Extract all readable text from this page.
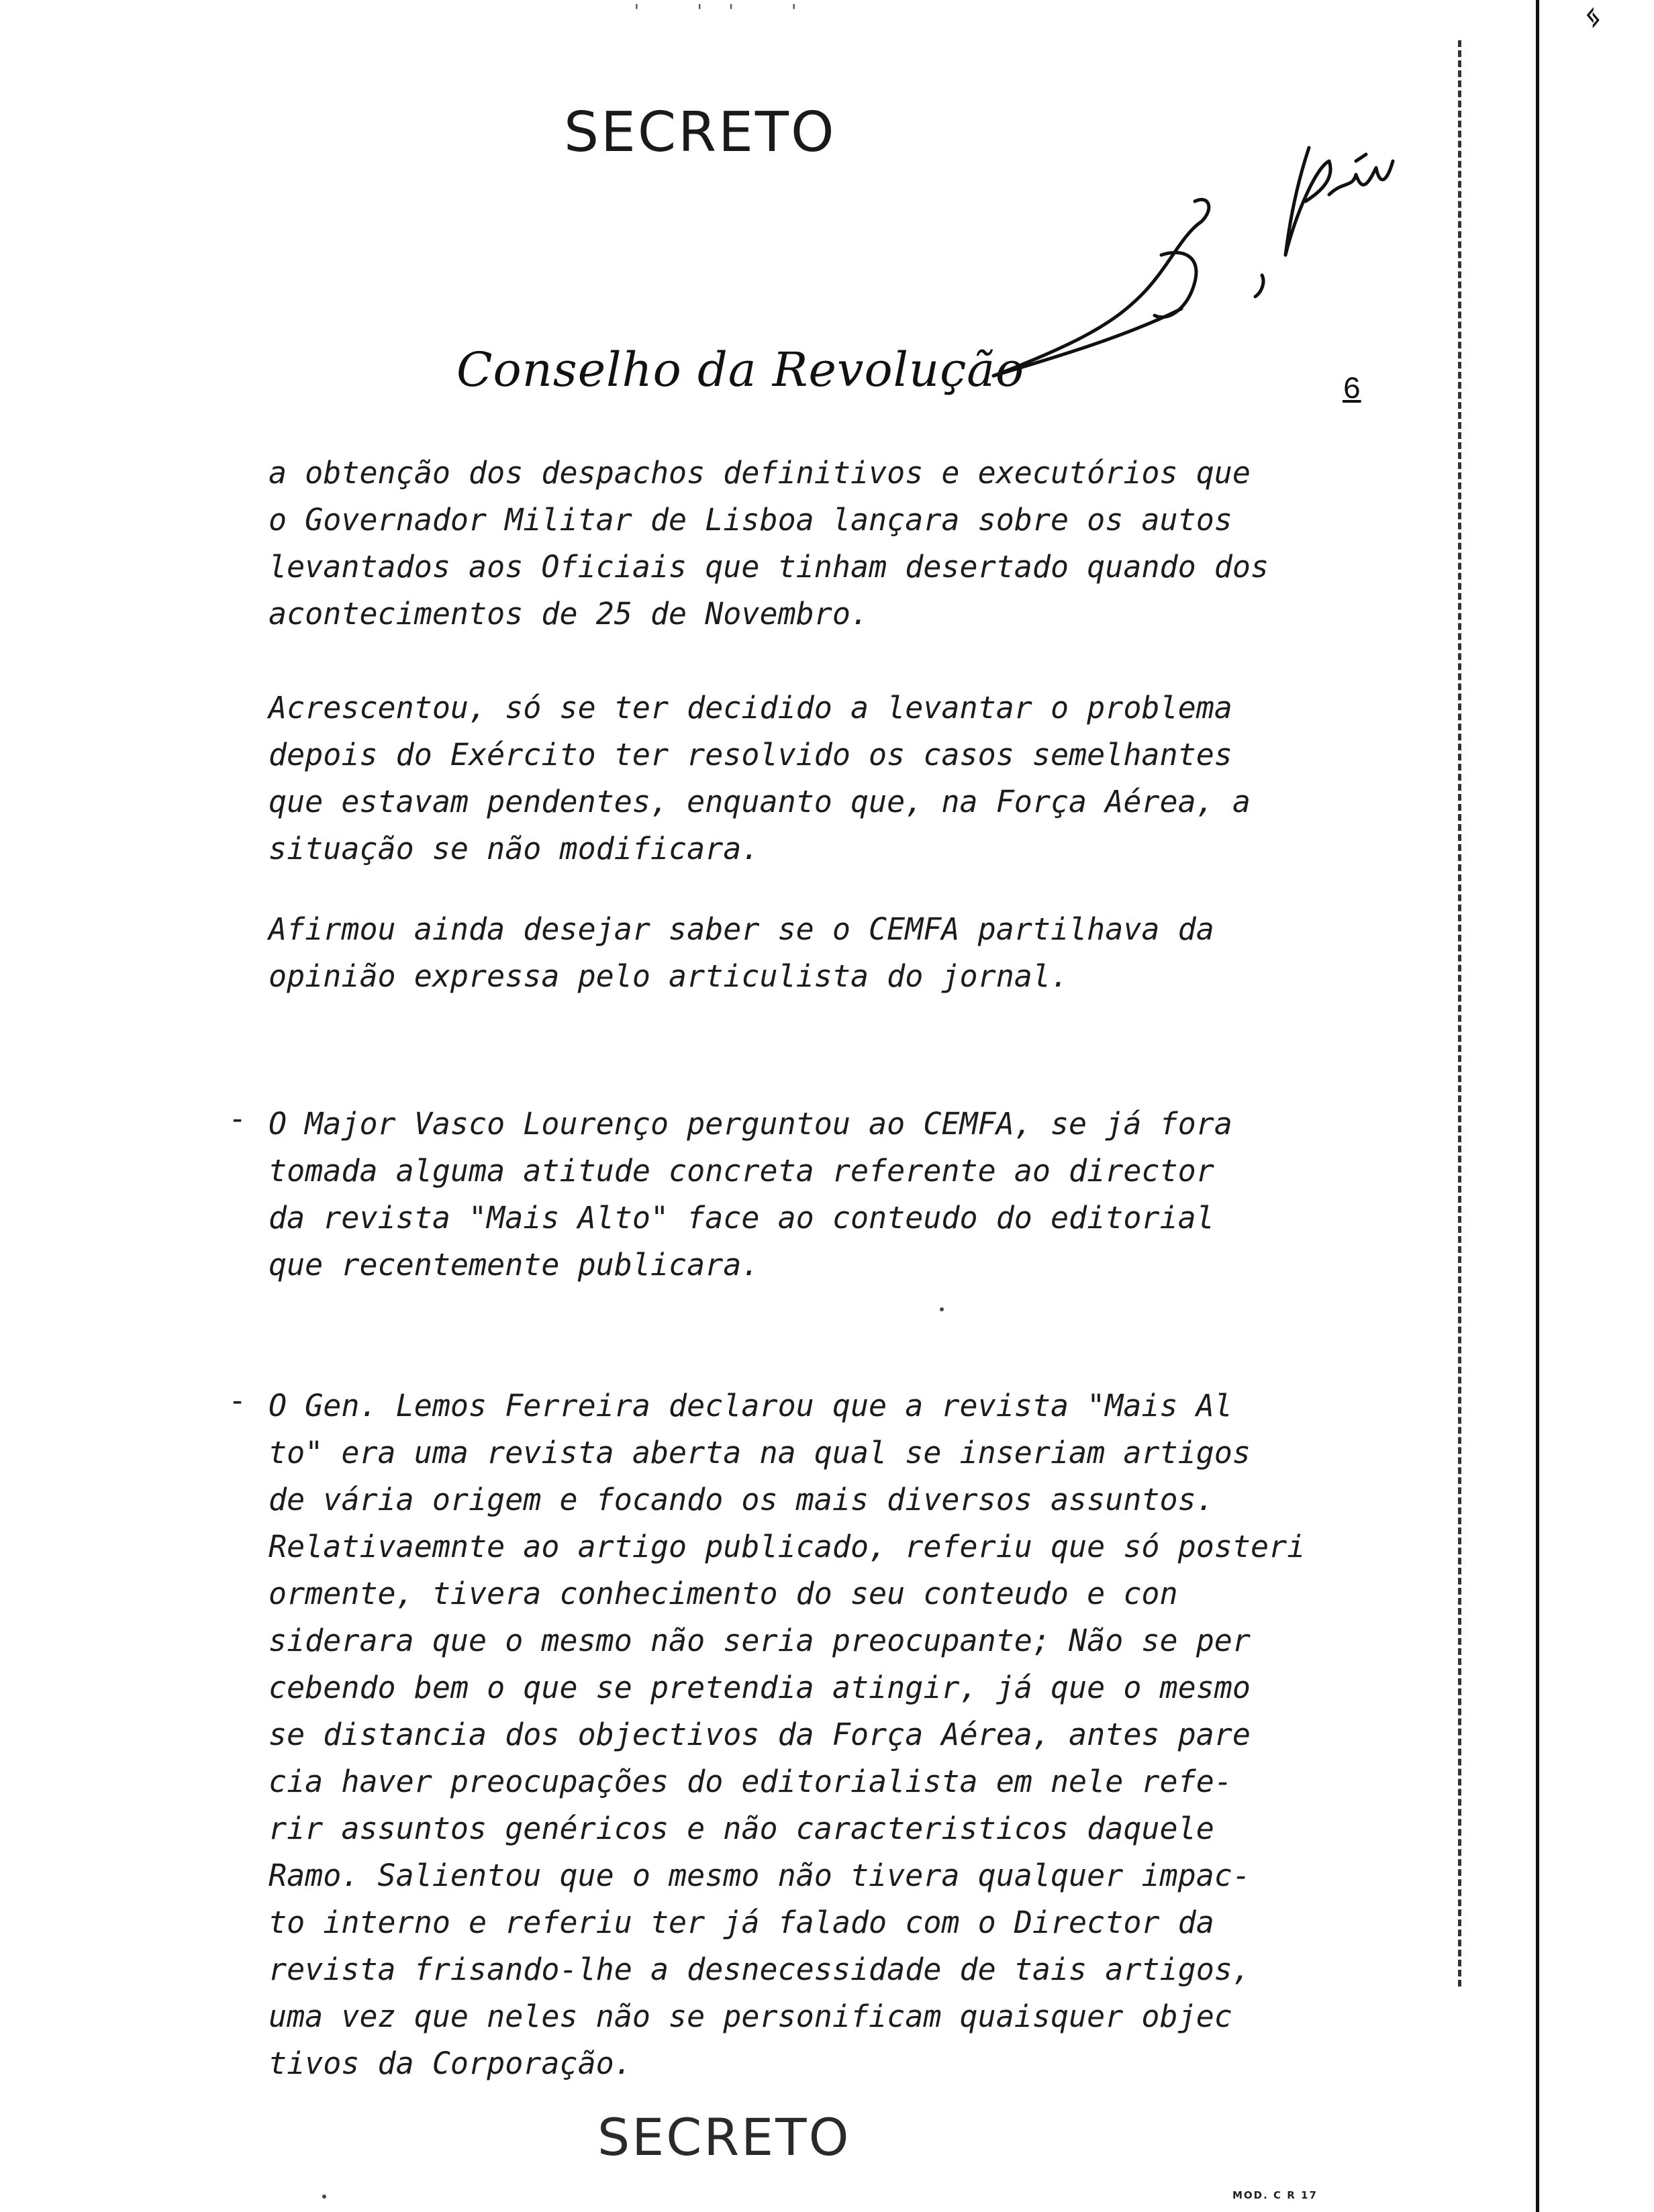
' '' '	ᛃ
SECRETO
Conselho da Revolução	6
a obtenção dos despachos definitivos e executórios que
o Governador Militar de Lisboa lançara sobre os autos
levantados aos Oficiais que tinham desertado quando dos
acontecimentos de 25 de Novembro.
Acrescentou, só se ter decidido a levantar o problema
depois do Exército ter resolvido os casos semelhantes
que estavam pendentes, enquanto que, na Força Aérea, a
situação se não modificara.
Afirmou ainda desejar saber se o CEMFA partilhava da
opinião expressa pelo articulista do jornal.
- O Major Vasco Lourenço perguntou ao CEMFA, se já fora
tomada alguma atitude concreta referente ao director
da revista "Mais Alto" face ao conteudo do editorial
que recentemente publicara.
- O Gen. Lemos Ferreira declarou que a revista "Mais Al
to" era uma revista aberta na qual se inseriam artigos
de vária origem e focando os mais diversos assuntos.
Relativaemnte ao artigo publicado, referiu que só posteriormente, tivera conhecimento do seu conteudo e con
siderara que o mesmo não seria preocupante; Não se per
cebendo bem o que se pretendia atingir, já que o mesmo
se distancia dos objectivos da Força Aérea, antes pare
cia haver preocupações do editorialista em nele refe-
rir assuntos genéricos e não caracteristicos daquele
Ramo. Salientou que o mesmo não tivera qualquer impac-
to interno e referiu ter já falado com o Director da
revista frisando-lhe a desnecessidade de tais artigos,
uma vez que neles não se personificam quaisquer objec
tivos da Corporação.
SECRETO
MOD. C R 17
